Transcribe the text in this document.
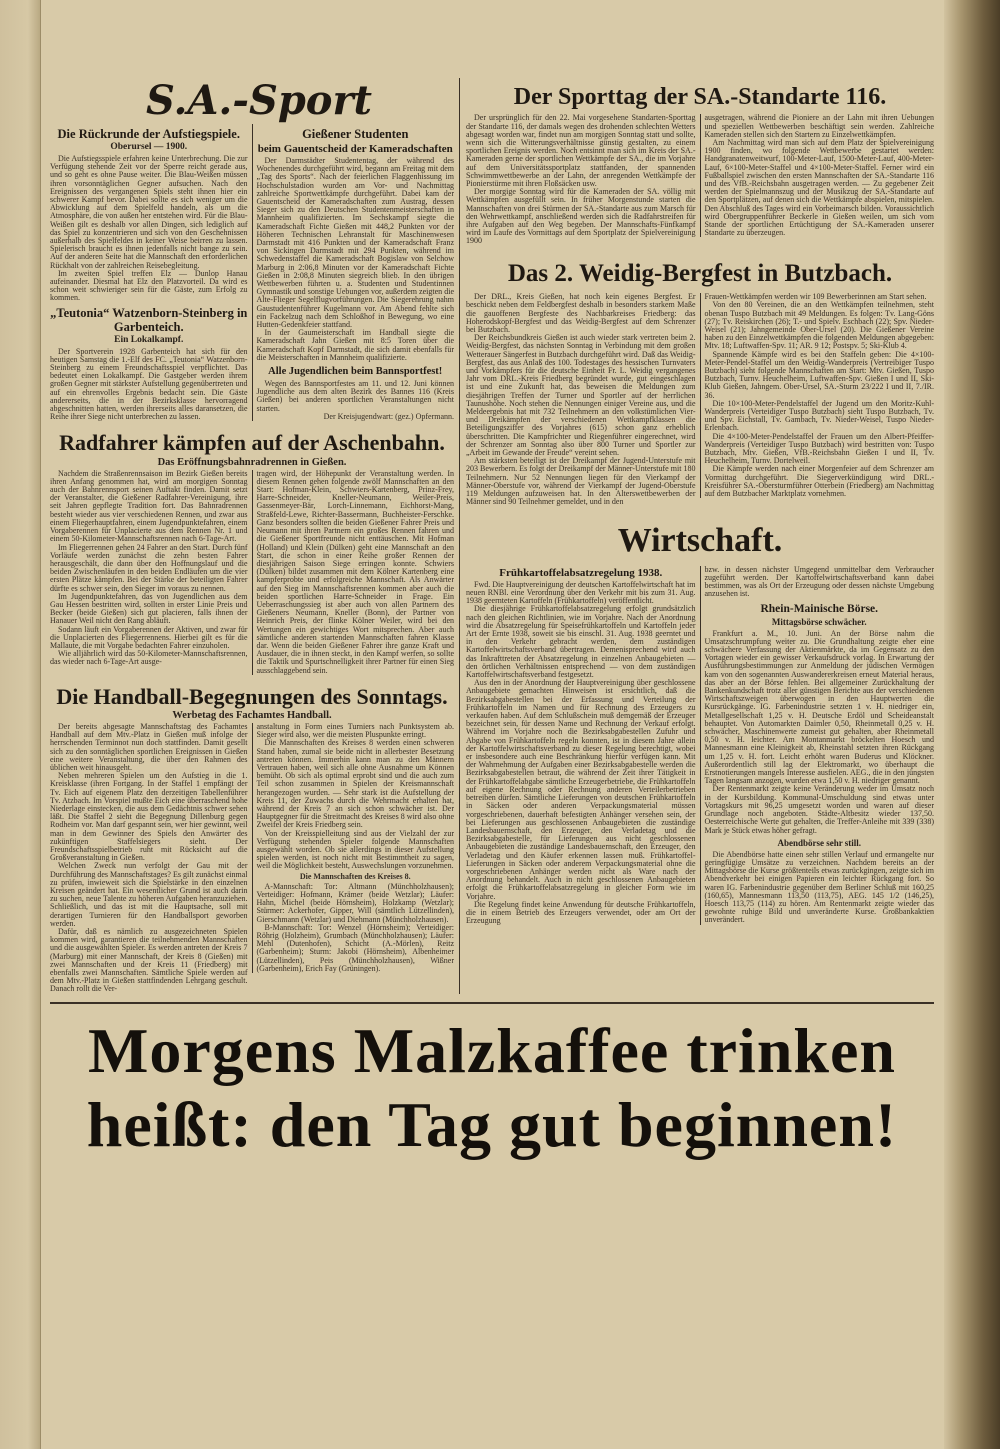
S.A.-Sport
Die Rückrunde der Aufstiegspiele.
Oberursel — 1900.

Die Aufstiegsspiele erfahren keine Unterbrechung. Die zur Verfügung stehende Zeit vor der Sperre reicht gerade aus, und so geht es ohne Pause weiter. Die Blau-Weißen müssen ihren vorsonntäglichen Gegner aufsuchen. Nach den Ereignissen des vergangenen Spiels steht ihnen hier ein schwerer Kampf bevor. Dabei sollte es sich weniger um die Abwicklung auf dem Spielfeld handeln, als um die Atmosphäre, die von außen her entstehen wird. Für die Blau-Weißen gilt es deshalb vor allen Dingen, sich lediglich auf das Spiel zu konzentrieren und sich von den Geschehnissen außerhalb des Spielfeldes in keiner Weise beirren zu lassen. Spielerisch braucht es ihnen jedenfalls nicht bange zu sein. Auf der anderen Seite hat die Mannschaft den erforderlichen Rückhalt von der zahlreichen Reisebegleitung.

Im zweiten Spiel treffen Elz — Dunlop Hanau aufeinander. Diesmal hat Elz den Platzvorteil. Da wird es schon weit schwieriger sein für die Gäste, zum Erfolg zu kommen.

„Teutonia“ Watzenborn-Steinberg in Garbenteich.
Ein Lokalkampf.

Der Sportverein 1928 Garbenteich hat sich für den heutigen Samstag die 1.-Elf des FC. „Teutonia“ Watzenborn-Steinberg zu einem Freundschaftsspiel verpflichtet. Das bedeutet einen Lokalkampf. Die Gastgeber werden ihrem großen Gegner mit stärkster Aufstellung gegenübertreten und auf ein ehrenvolles Ergebnis bedacht sein. Die Gäste andererseits, die in der Bezirksklasse hervorragend abgeschnitten hatten, werden ihrerseits alles daransetzen, die Reihe ihrer Siege nicht unterbrechen zu lassen.

Gießener Studenten
beim Gauentscheid der Kameradschaften

Der Darmstädter Studententag, der während des Wochenendes durchgeführt wird, begann am Freitag mit dem „Tag des Sports“. Nach der feierlichen Flaggenhissung im Hochschulstadion wurden am Vor- und Nachmittag zahlreiche Sportwettkämpfe durchgeführt. Dabei kam der Gauentscheid der Kameradschaften zum Austrag, dessen Sieger sich zu den Deutschen Studentenmeisterschaften in Mannheim qualifizierten. Im Sechskampf siegte die Kameradschaft Fichte Gießen mit 448,2 Punkten vor der Höheren Technischen Lehranstalt für Maschinenwesen Darmstadt mit 416 Punkten und der Kameradschaft Franz von Sickingen Darmstadt mit 294 Punkten, während im Schwedenstaffel die Kameradschaft Bogislaw von Selchow Marburg in 2:06,8 Minuten vor der Kameradschaft Fichte Gießen in 2:08,8 Minuten siegreich blieb. In den übrigen Wettbewerben führten u. a. Studenten und Studentinnen Gymnastik und sonstige Uebungen vor, außerdem zeigten die Alte-Flieger Segelflugvorführungen. Die Siegerehrung nahm Gaustudentenführer Kugelmann vor. Am Abend fehlte sich ein Fackelzug nach dem Schloßhof in Bewegung, wo eine Hutten-Gedenkfeier stattfand.

In der Gaumeisterschaft im Handball siegte die Kameradschaft Jahn Gießen mit 8:5 Toren über die Kameradschaft Kopf Darmstadt, die sich damit ebenfalls für die Meisterschaften in Mannheim qualifizierte.

Alle Jugendlichen beim Bannsportfest!

Wegen des Bannsportfestes am 11. und 12. Juni können Jugendliche aus dem alten Bezirk des Bannes 116 (Kreis Gießen) bei anderen sportlichen Veranstaltungen nicht starten.

Der Kreisjugendwart: (gez.) Opfermann.

Radfahrer kämpfen auf der Aschenbahn.
Das Eröffnungsbahnradrennen in Gießen.

Nachdem die Straßenrennsaison im Bezirk Gießen bereits ihren Anfang genommen hat, wird am morgigen Sonntag auch der Bahnrennsport seinen Auftakt finden. Damit setzt der Veranstalter, die Gießener Radfahrer-Vereinigung, ihre seit Jahren gepflegte Tradition fort. Das Bahnradrennen besteht wieder aus vier verschiedenen Rennen, und zwar aus einem Fliegerhauptfahren, einem Jugendpunktefahren, einem Vorgaberennen für Unplacierte aus dem Rennen Nr. 1 und einem 50-Kilometer-Mannschaftsrennen nach 6-Tage-Art.

Im Fliegerrennen gehen 24 Fahrer an den Start. Durch fünf Vorläufe werden zunächst die zehn besten Fahrer herausgeschält, die dann über den Hoffnungslauf und die beiden Zwischenläufen in den beiden Endläufen um die vier ersten Plätze kämpfen. Bei der Stärke der beteiligten Fahrer dürfte es schwer sein, den Sieger im voraus zu nennen.

Im Jugendpunktefahren, das von Jugendlichen aus dem Gau Hessen bestritten wird, sollten in erster Linie Preis und Becker (beide Gießen) sich gut placieren, falls ihnen der Hanauer Weil nicht den Rang abläuft.

Sodann läuft ein Vorgaberennen der Aktiven, und zwar für die Unplacierten des Fliegerrennens. Hierbei gilt es für die Mallaute, die mit Vorgabe bedachten Fahrer einzuholen.

Wie alljährlich wird das 50-Kilometer-Mannschaftsrennen, das wieder nach 6-Tage-Art ausge-

tragen wird, der Höhepunkt der Veranstaltung werden. In diesem Rennen gehen folgende zwölf Mannschaften an den Start: Hofman-Klein, Schwiers-Kartenberg, Prinz-Frey, Harre-Schneider, Kneller-Neumann, Weiler-Preis, Gassenmeyer-Bär, Lorch-Linnemann, Eichhorst-Mang, Straßfeld-Lewe, Richter-Bassermann, Buchheister-Ferschke. Ganz besonders sollten die beiden Gießener Fahrer Preis und Neumann mit ihren Partnern ein großes Rennen fahren und die Gießener Sportfreunde nicht enttäuschen. Mit Hofman (Holland) und Klein (Dülken) geht eine Mannschaft an den Start, die schon in einer Reihe großer Rennen der diesjährigen Saison Siege erringen konnte. Schwiers (Dülken) bildet zusammen mit dem Kölner Kartenberg eine kampferprobte und erfolgreiche Mannschaft. Als Anwärter auf den Sieg im Mannschaftsrennen kommen aber auch die beiden sportlichen Harre-Schneider in Frage. Ein Ueberraschungssieg ist aber auch von allen Partnern des Gießeners Neumann, Kneller (Bonn), der Partner von Heinrich Preis, der flinke Kölner Weiler, wird bei den Wertungen ein gewichtiges Wort mitsprechen. Aber auch sämtliche anderen startenden Mannschaften fahren Klasse dar. Wenn die beiden Gießener Fahrer ihre ganze Kraft und Ausdauer, die in ihnen steckt, in den Kampf werfen, so sollte die Taktik und Spurtschnelligkeit ihrer Partner für einen Sieg ausschlaggebend sein.

Die Handball-Begegnungen des Sonntags.
Werbetag des Fachamtes Handball.

Der bereits abgesagte Mannschaftstag des Fachamtes Handball auf dem Mtv.-Platz in Gießen muß infolge der herrschenden Terminnot nun doch stattfinden. Damit gesellt sich zu den sonntäglichen sportlichen Ereignissen in Gießen eine weitere Veranstaltung, die über den Rahmen des üblichen weit hinausgeht.

Neben mehreren Spielen um den Aufstieg in die 1. Kreisklasse (ihren Fortgang. In der Staffel 1 empfängt der Tv. Eich auf eigenem Platz den derzeitigen Tabellenführer Tv. Atzbach. Im Vorspiel mußte Eich eine überraschend hohe Niederlage einstecken, die aus dem Gedächtnis schwer sehen läßt. Die Staffel 2 sieht die Begegnung Dillenburg gegen Rodheim vor. Man darf gespannt sein, wer hier gewinnt, weil man in dem Gewinner des Spiels den Anwärter des zukünftigen Staffelsiegers sieht. Der Freundschaftsspielbetrieb ruht mit Rücksicht auf die Großveranstaltung in Gießen.

Welchen Zweck nun verfolgt der Gau mit der Durchführung des Mannschaftstages? Es gilt zunächst einmal zu prüfen, inwieweit sich die Spielstärke in den einzelnen Kreisen geändert hat. Ein wesentlicher Grund ist auch darin zu suchen, neue Talente zu höheren Aufgaben heranzuziehen. Schließlich, und das ist mit die Hauptsache, soll mit derartigen Turnieren für den Handballsport geworben werden.

Dafür, daß es nämlich zu ausgezeichneten Spielen kommen wird, garantieren die teilnehmenden Mannschaften und die ausgewählten Spieler. Es werden antreten der Kreis 7 (Marburg) mit einer Mannschaft, der Kreis 8 (Gießen) mit zwei Mannschaften und der Kreis 11 (Friedberg) mit ebenfalls zwei Mannschaften. Sämtliche Spiele werden auf dem Mtv.-Platz in Gießen stattfindenden Lehrgang geschult. Danach rollt die Ver-

anstaltung in Form eines Turniers nach Punktsystem ab. Sieger wird also, wer die meisten Pluspunkte erringt.

Die Mannschaften des Kreises 8 werden einen schweren Stand haben, zumal sie beide nicht in allerbester Besetzung antreten können. Immerhin kann man zu den Männern Vertrauen haben, weil sich alle ohne Ausnahme um Können bemüht. Ob sich als optimal erprobt sind und die auch zum Teil schon zusammen in Spielen der Kreismannschaft herangezogen wurden. — Sehr stark ist die Aufstellung der Kreis 11, der Zuwachs durch die Wehrmacht erhalten hat, während der Kreis 7 an sich schon schwächer ist. Der Hauptgegner für die Streitmacht des Kreises 8 wird also ohne Zweifel der Kreis Friedberg sein.

Von der Kreisspielleitung sind aus der Vielzahl der zur Verfügung stehenden Spieler folgende Mannschaften ausgewählt worden. Ob sie allerdings in dieser Aufstellung spielen werden, ist noch nicht mit Bestimmtheit zu sagen, weil die Möglichkeit besteht, Auswechslungen vorzunehmen.

Die Mannschaften des Kreises 8.

A-Mannschaft: Tor: Altmann (Münchholzhausen); Verteidiger: Hofmann, Krämer (beide Wetzlar); Läufer: Hahn, Michel (beide Hörnsheim), Holzkamp (Wetzlar); Stürmer: Ackerhofer, Gipper, Will (sämtlich Lützellinden), Gierschmann (Wetzlar) und Diehmann (Münchholzhausen).

B-Mannschaft: Tor: Wenzel (Hörnsheim); Verteidiger: Röhrig (Holzheim), Grumbach (Münchholzhausen); Läufer: Mehl (Dutenhofen), Schicht (A.-Mörlen), Reitz (Garbenheim); Sturm: Jakobi (Hörnsheim), Albenheimer (Lützellinden), Peis (Münchholzhausen), Wißner (Garbenheim), Erich Fay (Grüningen).

Der Sporttag der SA.-Standarte 116.

Der ursprünglich für den 22. Mai vorgesehene Standarten-Sporttag der Standarte 116, der damals wegen des drohenden schlechten Wetters abgesagt worden war, findet nun am morgigen Sonntag statt und sollte, wenn sich die Witterungsverhältnisse günstig gestalten, zu einem sportlichen Ereignis werden. Noch entsinnt man sich im Kreis der SA.-Kameraden gerne der sportlichen Wettkämpfe der SA., die im Vorjahre auf dem Universitätssportplatz stattfanden, der spannenden Schwimmwettbewerbe an der Lahn, der anregenden Wettkämpfe der Pionierstürme mit ihren Floßsäcken usw.

Der morgige Sonntag wird für die Kameraden der SA. völlig mit Wettkämpfen ausgefüllt sein. In früher Morgenstunde starten die Mannschaften von drei Stürmen der SA.-Standarte aus zum Marsch für den Wehrwettkampf, anschließend werden sich die Radfahrstreifen für ihre Aufgaben auf den Weg begeben. Der Mannschafts-Fünfkampf wird im Laufe des Vormittags auf dem Sportplatz der Spielvereinigung 1900

ausgetragen, während die Pioniere an der Lahn mit ihren Uebungen und speziellen Wettbewerben beschäftigt sein werden. Zahlreiche Kameraden stellen sich den Startern zu Einzelwettkämpfen.

Am Nachmittag wird man sich auf dem Platz der Spielvereinigung 1900 finden, wo folgende Wettbewerbe gestartet werden: Handgranatenweitwurf, 100-Meter-Lauf, 1500-Meter-Lauf, 400-Meter-Lauf, 6×100-Meter-Staffel und 4×100-Meter-Staffel. Ferner wird ein Fußballspiel zwischen den ersten Mannschaften der SA.-Standarte 116 und des VfB.-Reichsbahn ausgetragen werden. — Zu gegebener Zeit werden der Spielmannszug und der Musikzug der SA.-Standarte auf den Sportplätzen, auf denen sich die Wettkämpfe abspielen, mitspielen. Den Abschluß des Tages wird ein Vorbeimarsch bilden. Voraussichtlich wird Obergruppenführer Beckerle in Gießen weilen, um sich vom Stande der sportlichen Ertüchtigung der SA.-Kameraden unserer Standarte zu überzeugen.

Das 2. Weidig-Bergfest in Butzbach.

Der DRL., Kreis Gießen, hat noch kein eigenes Bergfest. Er beschickt neben dem Feldbergfest deshalb in besonders starkem Maße die gauoffenen Bergfeste des Nachbarkreises Friedberg: das Hoherodskopf-Bergfest und das Weidig-Bergfest auf dem Schrenzer bei Butzbach.

Der Reichsbundkreis Gießen ist auch wieder stark vertreten beim 2. Weidig-Bergfest, das nächsten Sonntag in Verbindung mit dem großen Wetterauer Sängerfest in Butzbach durchgeführt wird. Daß das Weidig-Bergfest, das aus Anlaß des 100. Todestages des hessischen Turnvaters und Vorkämpfers für die deutsche Einheit Fr. L. Weidig vergangenes Jahr vom DRL.-Kreis Friedberg begründet wurde, gut eingeschlagen ist und eine Zukunft hat, das beweisen die Meldungen zum diesjährigen Treffen der Turner und Sportler auf der herrlichen Taunushöhe. Noch stehen die Nennungen einiger Vereine aus, und die Meldeergebnis hat mit 732 Teilnehmern an den volkstümlichen Vier- und Dreikämpfen der verschiedenen Wettkampfklassen die Beteiligungsziffer des Vorjahres (615) schon ganz erheblich überschritten. Die Kampfrichter und Riegenführer eingerechnet, wird der Schrenzer am Sonntag also über 800 Turner und Sportler zur „Arbeit im Gewande der Freude“ vereint sehen.

Am stärksten beteiligt ist der Dreikampf der Jugend-Unterstufe mit 203 Bewerbern. Es folgt der Dreikampf der Männer-Unterstufe mit 180 Teilnehmern. Nur 52 Nennungen liegen für den Vierkampf der Männer-Oberstufe vor, während der Vierkampf der Jugend-Oberstufe 119 Meldungen aufzuweisen hat. In den Alterswettbewerben der Männer sind 90 Teilnehmer gemeldet, und in den

Frauen-Wettkämpfen werden wir 109 Bewerberinnen am Start sehen.

Von den 80 Vereinen, die an den Wettkämpfen teilnehmen, steht obenan Tuspo Butzbach mit 49 Meldungen. Es folgen: Tv. Lang-Göns (27); Tv. Reiskirchen (26); T.- und Spielv. Eschbach (22); Spv. Nieder-Weisel (21); Jahngemeinde Ober-Ursel (20). Die Gießener Vereine haben zu den Einzelwettkämpfen die folgenden Meldungen abgegeben: Mtv. 18; Luftwaffen-Spv. 11; AR. 9 12; Postspv. 5; Ski-Klub 4.

Spannende Kämpfe wird es bei den Staffeln geben: Die 4×100-Meter-Pendel-Staffel um den Weidig-Wanderpreis (Vertreibiger Tuspo Butzbach) sieht folgende Mannschaften am Start: Mtv. Gießen, Tuspo Butzbach, Turnv. Heuchelheim, Luftwaffen-Spv. Gießen I und II, Ski-Klub Gießen, Jahngem. Ober-Ursel, SA.-Sturm 23/222 I und II, 7./IR. 36.

Die 10×100-Meter-Pendelstaffel der Jugend um den Moritz-Kuhl-Wanderpreis (Verteidiger Tuspo Butzbach) sieht Tuspo Butzbach, Tv. und Spv. Eichstall, Tv. Gambach, Tv. Nieder-Weisel, Tuspo Nieder-Erlenbach.

Die 4×100-Meter-Pendelstaffel der Frauen um den Albert-Pfeiffer-Wanderpreis (Verteidiger Tuspo Butzbach) wird bestritten von: Tuspo Butzbach, Mtv. Gießen, VfB.-Reichsbahn Gießen I und II, Tv. Heuchelheim, Turnv. Dortelweil.

Die Kämpfe werden nach einer Morgenfeier auf dem Schrenzer am Vormittag durchgeführt. Die Siegerverkündigung wird DRL.-Kreisführer SA.-Obersturmführer Otterbein (Friedberg) am Nachmittag auf dem Butzbacher Marktplatz vornehmen.

Wirtschaft.
Frühkartoffelabsatzregelung 1938.

Fwd. Die Hauptvereinigung der deutschen Kartoffelwirtschaft hat im neuen RNBl. eine Verordnung über den Verkehr mit bis zum 31. Aug. 1938 geernteten Kartoffeln (Frühkartoffeln) veröffentlicht.

Die diesjährige Frühkartoffelabsatzregelung erfolgt grundsätzlich nach den gleichen Richtlinien, wie im Vorjahre. Nach der Anordnung wird die Absatzregelung für Speisefrühkartoffeln und Kartoffeln jeder Art der Ernte 1938, soweit sie bis einschl. 31. Aug. 1938 geerntet und in den Verkehr gebracht werden, dem zuständigen Kartoffelwirtschaftsverband übertragen. Demenisprechend wird auch das Inkrafttreten der Absatzregelung in einzelnen Anbaugebieten — den örtlichen Verhältnissen entsprechend — von dem zuständigen Kartoffelwirtschaftsverband festgesetzt.

Aus den in der Anordnung der Hauptvereinigung über geschlossene Anbaugebiete gemachten Hinweisen ist ersichtlich, daß die Bezirksabgabestellen bei der Erfassung und Verteilung der Frühkartoffeln im Namen und für Rechnung des Erzeugers zu verkaufen haben. Auf dem Schlußschein muß demgemäß der Erzeuger bezeichnet sein, für dessen Name und Rechnung der Verkauf erfolgt. Während im Vorjahre noch die Bezirksabgabestellen Zufuhr und Abgabe von Frühkartoffeln regeln konnten, ist in diesem Jahre allein der Kartoffelwirtschaftsverband zu dieser Regelung berechtigt, wobei er insbesondere auch eine Beschränkung hierfür verfügen kann. Mit der Wahrnehmung der Aufgaben einer Bezirksabgabestelle werden die Bezirksabgabestellen betraut, die während der Zeit ihrer Tätigkeit in der Frühkartoffelabgabe sämtliche Erzeugerbetriebe, die Frühkartoffeln auf eigene Rechnung oder Rechnung anderen Verteilerbetrieben betreiben dürfen. Sämtliche Lieferungen von deutschen Frühkartoffeln in Säcken oder anderen Verpackungsmaterial müssen vorgeschriebenen, dauerhaft befestigten Anhänger versehen sein, der bei Lieferungen aus geschlossenen Anbaugebieten die zuständige Landesbauernschaft, den Erzeuger, den Verladetag und die Bezirksabgabestelle, für Lieferungen aus nicht geschlossenen Anbaugebieten die zuständige Landesbauernschaft, den Erzeuger, den Verladetag und den Käufer erkennen lassen muß. Frühkartoffel-Lieferungen in Säcken oder anderem Verpackungsmaterial ohne die vorgeschriebenen Anhänger werden nicht als Ware nach der Anordnung behandelt. Auch in nicht geschlossenen Anbaugebieten erfolgt die Frühkartoffelabsatzregelung in gleicher Form wie im Vorjahre.

Die Regelung findet keine Anwendung für deutsche Frühkartoffeln, die in einem Betrieb des Erzeugers verwendet, oder am Ort der Erzeugung

bzw. in dessen nächster Umgegend unmittelbar dem Verbraucher zugeführt werden. Der Kartoffelwirtschaftsverband kann dabei bestimmen, was als Ort der Erzeugung oder dessen nächste Umgebung anzusehen ist.

Rhein-Mainische Börse.
Mittagsbörse schwächer.

Frankfurt a. M., 10. Juni. An der Börse nahm die Umsatzschrumpfung weiter zu. Die Grundhaltung zeigte eher eine schwächere Verfassung der Aktienmärkte, da im Gegensatz zu den Vortagen wieder ein gewisser Verkaufsdruck vorlag. In Erwartung der Ausführungsbestimmungen zur Anmeldung der jüdischen Vermögen kam von den sogenannten Auswandererkreisen erneut Material heraus, das aber an der Börse fehlen. Bei allgemeiner Zurückhaltung der Bankenkundschaft trotz aller günstigen Berichte aus der verschiedenen Wirtschaftszweigen überwogen in den Hauptwerten die Kursrückgänge. IG. Farbenindustrie setzten 1 v. H. niedriger ein, Metallgesellschaft 1,25 v. H. Deutsche Erdöl und Scheideanstalt behauptet. Von Automarkten Daimler 0,50, Rheinmetall 0,25 v. H. schwächer, Maschinenwerte zumeist gut gehalten, aber Rheinmetall 0,50 v. H. leichter. Am Montanmarkt bröckelten Hoesch und Mannesmann eine Kleinigkeit ab, Rheinstahl setzten ihren Rückgang um 1,25 v. H. fort. Leicht erhöht waren Buderus und Klöckner. Außerordentlich still lag der Elektromarkt, wo überhaupt die Erstnotierungen mangels Interesse ausfielen. AEG., die in den jüngsten Tagen langsam anzogen, wurden etwa 1,50 v. H. niedriger genannt.

Der Rentenmarkt zeigte keine Veränderung weder im Umsatz noch in der Kursbildung. Kommunal-Umschuldung sind etwas unter Vortagskurs mit 96,25 umgesetzt worden und waren auf dieser Grundlage noch angeboten. Städte-Altbesitz wieder 137,50. Oesterreichische Werte gut gehalten, die Treffer-Anleihe mit 339 (338) Mark je Stück etwas höher gefragt.

Abendbörse sehr still.

Die Abendbörse hatte einen sehr stillen Verlauf und ermangelte nur geringfügige Umsätze zu verzeichnen. Nachdem bereits an der Mittagsbörse die Kurse größtenteils etwas zurückgingen, zeigte sich im Abendverkehr bei einigen Papieren ein leichter Rückgang fort. So waren IG. Farbenindustrie gegenüber dem Berliner Schluß mit 160,25 (160,65), Mannesmann 113,50 (113,75), AEG. 145 1/2 (146,25), Hoesch 113,75 (114) zu hören. Am Rentenmarkt zeigte wieder das gewohnte ruhige Bild und unveränderte Kurse. Großbankaktien unverändert.

Morgens Malzkaffee trinken
heißt: den Tag gut beginnen!
